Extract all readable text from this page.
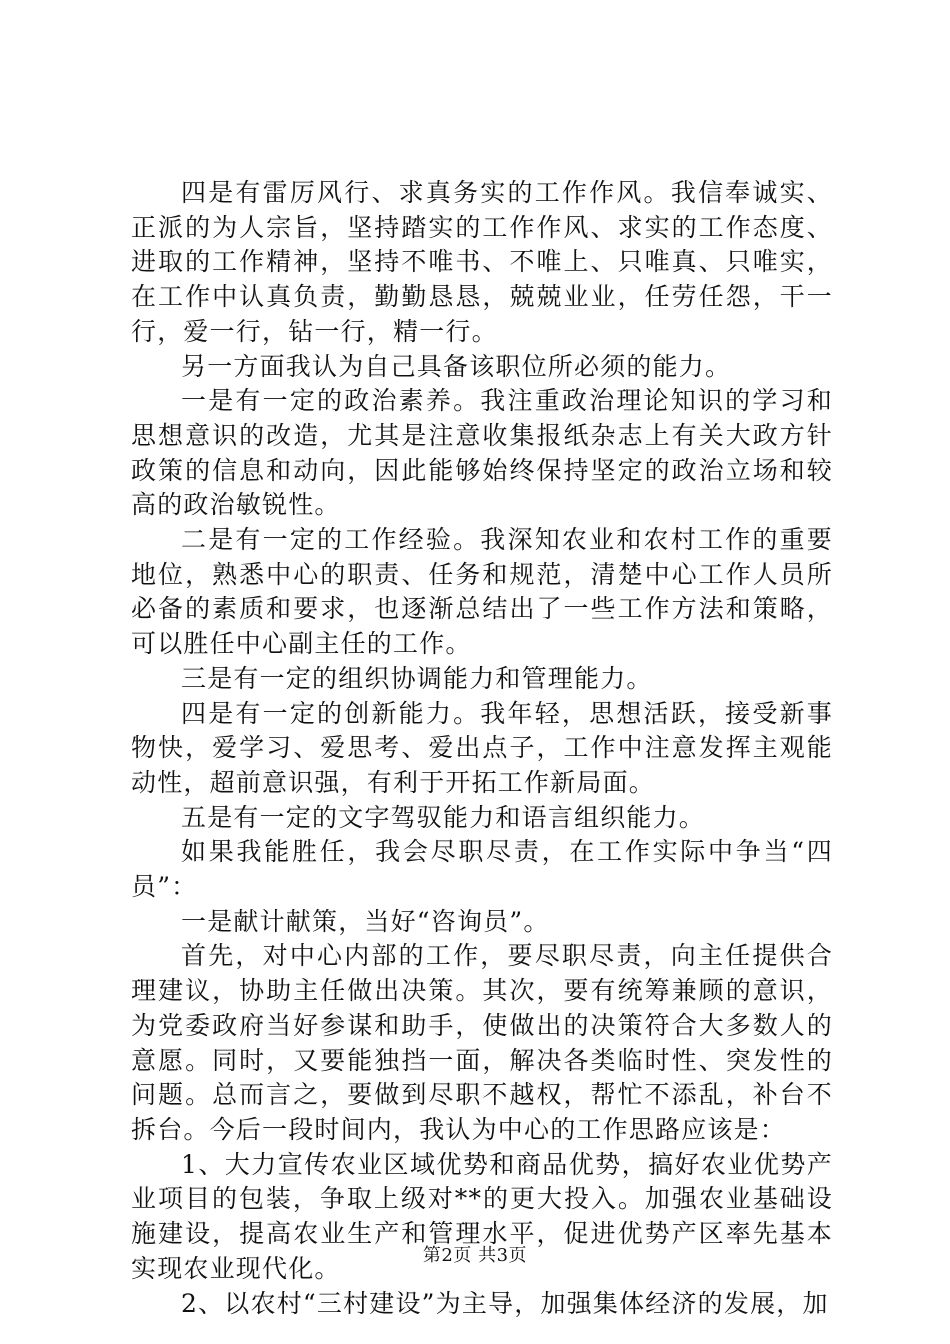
四是有雷厉风行、求真务实的工作作风。我信奉诚实、正派的为人宗旨，坚持踏实的工作作风、求实的工作态度、进取的工作精神，坚持不唯书、不唯上、只唯真、只唯实，在工作中认真负责，勤勤恳恳，兢兢业业，任劳任怨，干一行，爱一行，钻一行，精一行。

另一方面我认为自己具备该职位所必须的能力。

一是有一定的政治素养。我注重政治理论知识的学习和思想意识的改造，尤其是注意收集报纸杂志上有关大政方针政策的信息和动向，因此能够始终保持坚定的政治立场和较高的政治敏锐性。

二是有一定的工作经验。我深知农业和农村工作的重要地位，熟悉中心的职责、任务和规范，清楚中心工作人员所必备的素质和要求，也逐渐总结出了一些工作方法和策略，可以胜任中心副主任的工作。

三是有一定的组织协调能力和管理能力。

四是有一定的创新能力。我年轻，思想活跃，接受新事物快，爱学习、爱思考、爱出点子，工作中注意发挥主观能动性，超前意识强，有利于开拓工作新局面。

五是有一定的文字驾驭能力和语言组织能力。

如果我能胜任，我会尽职尽责，在工作实际中争当“四员”：

一是献计献策，当好“咨询员”。

首先，对中心内部的工作，要尽职尽责，向主任提供合理建议，协助主任做出决策。其次，要有统筹兼顾的意识，为党委政府当好参谋和助手，使做出的决策符合大多数人的意愿。同时，又要能独挡一面，解决各类临时性、突发性的问题。总而言之，要做到尽职不越权，帮忙不添乱，补台不拆台。今后一段时间内，我认为中心的工作思路应该是：

1、大力宣传农业区域优势和商品优势，搞好农业优势产业项目的包装，争取上级对**的更大投入。加强农业基础设施建设，提高农业生产和管理水平，促进优势产区率先基本实现农业现代化。

2、以农村“三村建设”为主导，加强集体经济的发展，加

第2页 共3页
